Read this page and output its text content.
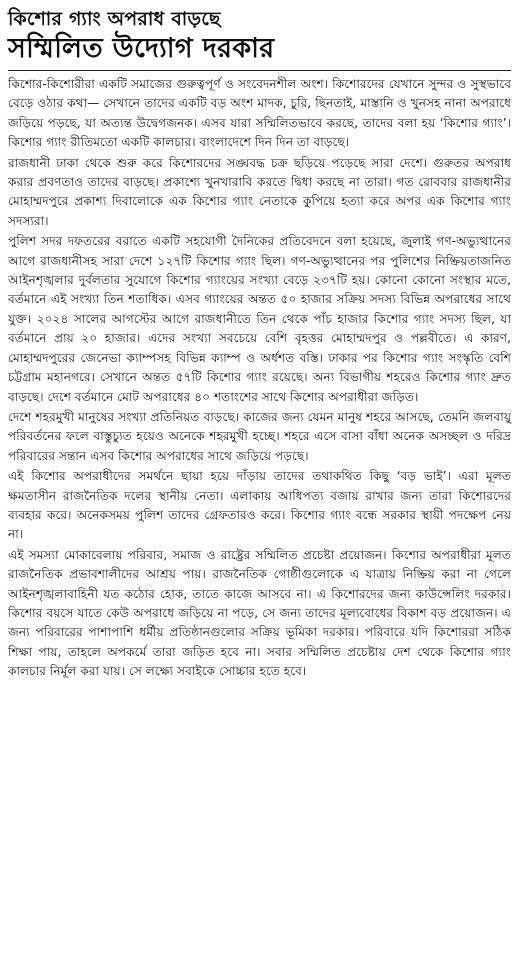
কিশোর গ্যাং অপরাধ বাড়ছে
সম্মিলিত উদ্যোগ দরকার

কিশোর-কিশোরীরা একটি সমাজের গুরুত্বপূর্ণ ও সংবেদনশীল অংশ। কিশোরদের যেখানে সুন্দর ও সুস্থভাবে বেড়ে ওঠার কথা— সেখানে তাদের একটি বড় অংশ মাদক, চুরি, ছিনতাই, মাস্তানি ও খুনসহ নানা অপরাধে জড়িয়ে পড়ছে, যা অত্যন্ত উদ্বেগজনক। এসব যারা সম্মিলিতভাবে করছে, তাদের বলা হয় ‘কিশোর গ্যাং’। কিশোর গ্যাং রীতিমতো একটি কালচার। বাংলাদেশে দিন দিন তা বাড়ছে।

রাজধানী ঢাকা থেকে শুরু করে কিশোরদের সঙ্ঘবদ্ধ চক্র ছড়িয়ে পড়েছে সারা দেশে। গুরুতর অপরাধ করার প্রবণতাও তাদের বাড়ছে। প্রকাশ্যে খুনখারাবি করতে দ্বিধা করছে না তারা। গত রোববার রাজধানীর মোহাম্মদপুরে প্রকাশ্য দিবালোকে এক কিশোর গ্যাং নেতাকে কুপিয়ে হত্যা করে অপর এক কিশোর গ্যাং সদস্যরা।

পুলিশ সদর দফতরের বরাতে একটি সহযোগী দৈনিকের প্রতিবেদনে বলা হয়েছে, জুলাই গণ-অভ্যুত্থানের আগে রাজধানীসহ সারা দেশে ১২৭টি কিশোর গ্যাং ছিল। গণ-অভ্যুত্থানের পর পুলিশের নিষ্ক্রিয়তাজনিত আইনশৃঙ্খলার দুর্বলতার সুযোগে কিশোর গ্যাংয়ের সংখ্যা বেড়ে ২৩৭টি হয়। কোনো কোনো সংস্থার মতে, বর্তমানে এই সংখ্যা তিন শতাধিক। এসব গ্যাংয়ের অন্তত ৫০ হাজার সক্রিয় সদস্য বিভিন্ন অপরাধের সাথে যুক্ত। ২০২৪ সালের আগস্টের আগে রাজধানীতে তিন থেকে পাঁচ হাজার কিশোর গ্যাং সদস্য ছিল, যা বর্তমানে প্রায় ২০ হাজার। এদের সংখ্যা সবচেয়ে বেশি বৃহত্তর মোহাম্মদপুর ও পল্লবীতে। এ কারণ, মোহাম্মদপুরের জেনেভা ক্যাম্পসহ বিভিন্ন ক্যাম্প ও অর্ধশত বস্তি। ঢাকার পর কিশোর গ্যাং সংস্কৃতি বেশি চট্টগ্রাম মহানগরে। সেখানে অন্তত ৫৭টি কিশোর গ্যাং রয়েছে। অন্য বিভাগীয় শহরেও কিশোর গ্যাং দ্রুত বাড়ছে। দেশে বর্তমানে মোট অপরাধের ৪০ শতাংশের সাথে কিশোর অপরাধীরা জড়িত।

দেশে শহরমুখী মানুষের সংখ্যা প্রতিনিয়ত বাড়ছে। কাজের জন্য যেমন মানুষ শহরে আসছে, তেমনি জলবায়ু পরিবর্তনের ফলে বাস্তুচ্যুত হয়েও অনেকে শহরমুখী হচ্ছে। শহরে এসে বাসা বাঁধা অনেক অসচ্ছল ও দরিদ্র পরিবারের সন্তান এসব কিশোর অপরাধের সাথে জড়িয়ে পড়ছে।

এই কিশোর অপরাধীদের সমর্থনে ছায়া হয়ে দাঁড়ায় তাদের তথাকথিত কিছু ‘বড় ভাই’। এরা মূলত ক্ষমতাসীন রাজনৈতিক দলের স্থানীয় নেতা। এলাকায় আধিপত্য বজায় রাখার জন্য তারা কিশোরদের ব্যবহার করে। অনেকসময় পুলিশ তাদের গ্রেফতারও করে। কিশোর গ্যাং বন্ধে সরকার স্থায়ী পদক্ষেপ নেয় না।

এই সমস্যা মোকাবেলায় পরিবার, সমাজ ও রাষ্ট্রের সম্মিলিত প্রচেষ্টা প্রয়োজন। কিশোর অপরাধীরা মূলত রাজনৈতিক প্রভাবশালীদের আশ্রয় পায়। রাজনৈতিক গোষ্ঠীগুলোকে এ যাত্রায় নিষ্ক্রিয় করা না গেলে আইনশৃঙ্খলাবাহিনী যত কঠোর হোক, তাতে কাজে আসবে না। এ কিশোরদের জন্য কাউন্সেলিং দরকার। কিশোর বয়সে যাতে কেউ অপরাধে জড়িয়ে না পড়ে, সে জন্য তাদের মূল্যবোধের বিকাশ বড় প্রয়োজন। এ জন্য পরিবারের পাশাপাশি ধর্মীয় প্রতিষ্ঠানগুলোর সক্রিয় ভূমিকা দরকার। পরিবারে যদি কিশোররা সঠিক শিক্ষা পায়, তাহলে অপকর্মে তারা জড়িত হবে না। সবার সম্মিলিত প্রচেষ্টায় দেশ থেকে কিশোর গ্যাং কালচার নির্মূল করা যায়। সে লক্ষ্যে সবাইকে সোচ্চার হতে হবে।
